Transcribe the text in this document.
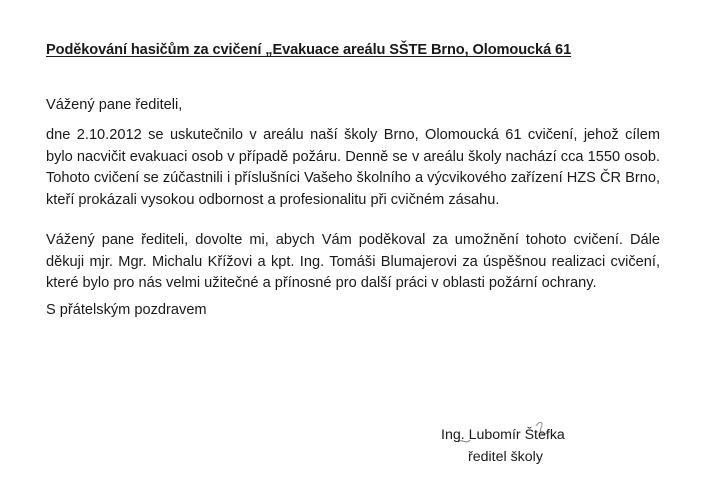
Poděkování hasičům za cvičení „Evakuace areálu SŠTE Brno, Olomoucká 61
Vážený pane řediteli,
dne 2.10.2012 se uskutečnilo v areálu naší školy Brno, Olomoucká 61 cvičení, jehož cílem
bylo nacvičit evakuaci osob v případě požáru. Denně se v areálu školy nachází cca 1550 osob.
Tohoto cvičení se zúčastnili i příslušníci Vašeho školního a výcvikového zařízení HZS ČR Brno,
kteří prokázali vysokou odbornost a profesionalitu při cvičném zásahu.
Vážený pane řediteli, dovolte mi, abych Vám poděkoval za umožnění tohoto cvičení. Dále
děkuji mjr. Mgr. Michalu Křížovi a kpt. Ing. Tomáši Blumajerovi za úspěšnou realizaci cvičení,
které bylo pro nás velmi užitečné a přínosné pro další práci v oblasti požární ochrany.
S přátelským pozdravem
Ing. Lubomír Štefka
ředitel školy
